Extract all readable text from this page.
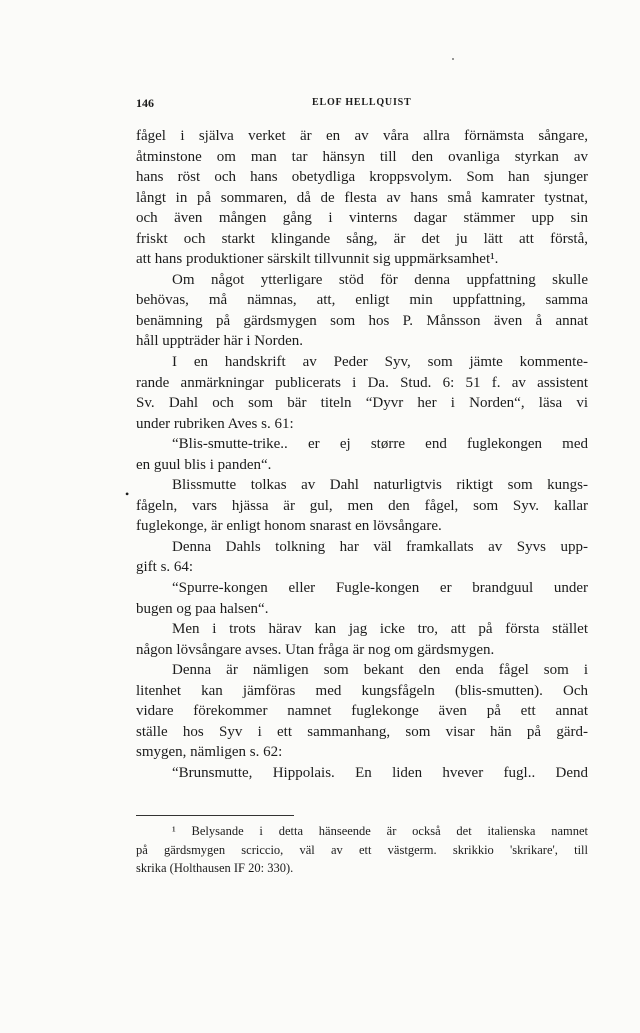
146	ELOF HELLQUIST
fågel i själva verket är en av våra allra förnämsta sångare,
åtminstone om man tar hänsyn till den ovanliga styrkan av
hans röst och hans obetydliga kroppsvolym. Som han sjunger
långt in på sommaren, då de flesta av hans små kamrater tystnat,
och även mången gång i vinterns dagar stämmer upp sin
friskt och starkt klingande sång, är det ju lätt att förstå,
att hans produktioner särskilt tillvunnit sig uppmärksamhet¹.
Om något ytterligare stöd för denna uppfattning skulle
behövas, må nämnas, att, enligt min uppfattning, samma
benämning på gärdsmygen som hos P. Månsson även å annat
håll uppträder här i Norden.
I en handskrift av Peder Syv, som jämte kommente-
rande anmärkningar publicerats i Da. Stud. 6: 51 f. av assistent
Sv. Dahl och som bär titeln “Dyvr her i Norden“, läsa vi
under rubriken Aves s. 61:
“Blis-smutte-trike.. er ej større end fuglekongen med
en guul blis i panden“.
Blissmutte tolkas av Dahl naturligtvis riktigt som kungs-
fågeln, vars hjässa är gul, men den fågel, som Syv. kallar
fuglekonge, är enligt honom snarast en lövsångare.
Denna Dahls tolkning har väl framkallats av Syvs upp-
gift s. 64:
“Spurre-kongen eller Fugle-kongen er brandguul under
bugen og paa halsen“.
Men i trots härav kan jag icke tro, att på första stället
någon lövsångare avses. Utan fråga är nog om gärdsmygen.
Denna är nämligen som bekant den enda fågel som i
litenhet kan jämföras med kungsfågeln (blis-smutten). Och
vidare förekommer namnet fuglekonge även på ett annat
ställe hos Syv i ett sammanhang, som visar hän på gärd-
smygen, nämligen s. 62:
“Brunsmutte, Hippolais. En liden hvever fugl.. Dend
•
¹ Belysande i detta hänseende är också det italienska namnet
på gärdsmygen scriccio, väl av ett västgerm. skrikkio 'skrikare', till
skrika (Holthausen IF 20: 330).
